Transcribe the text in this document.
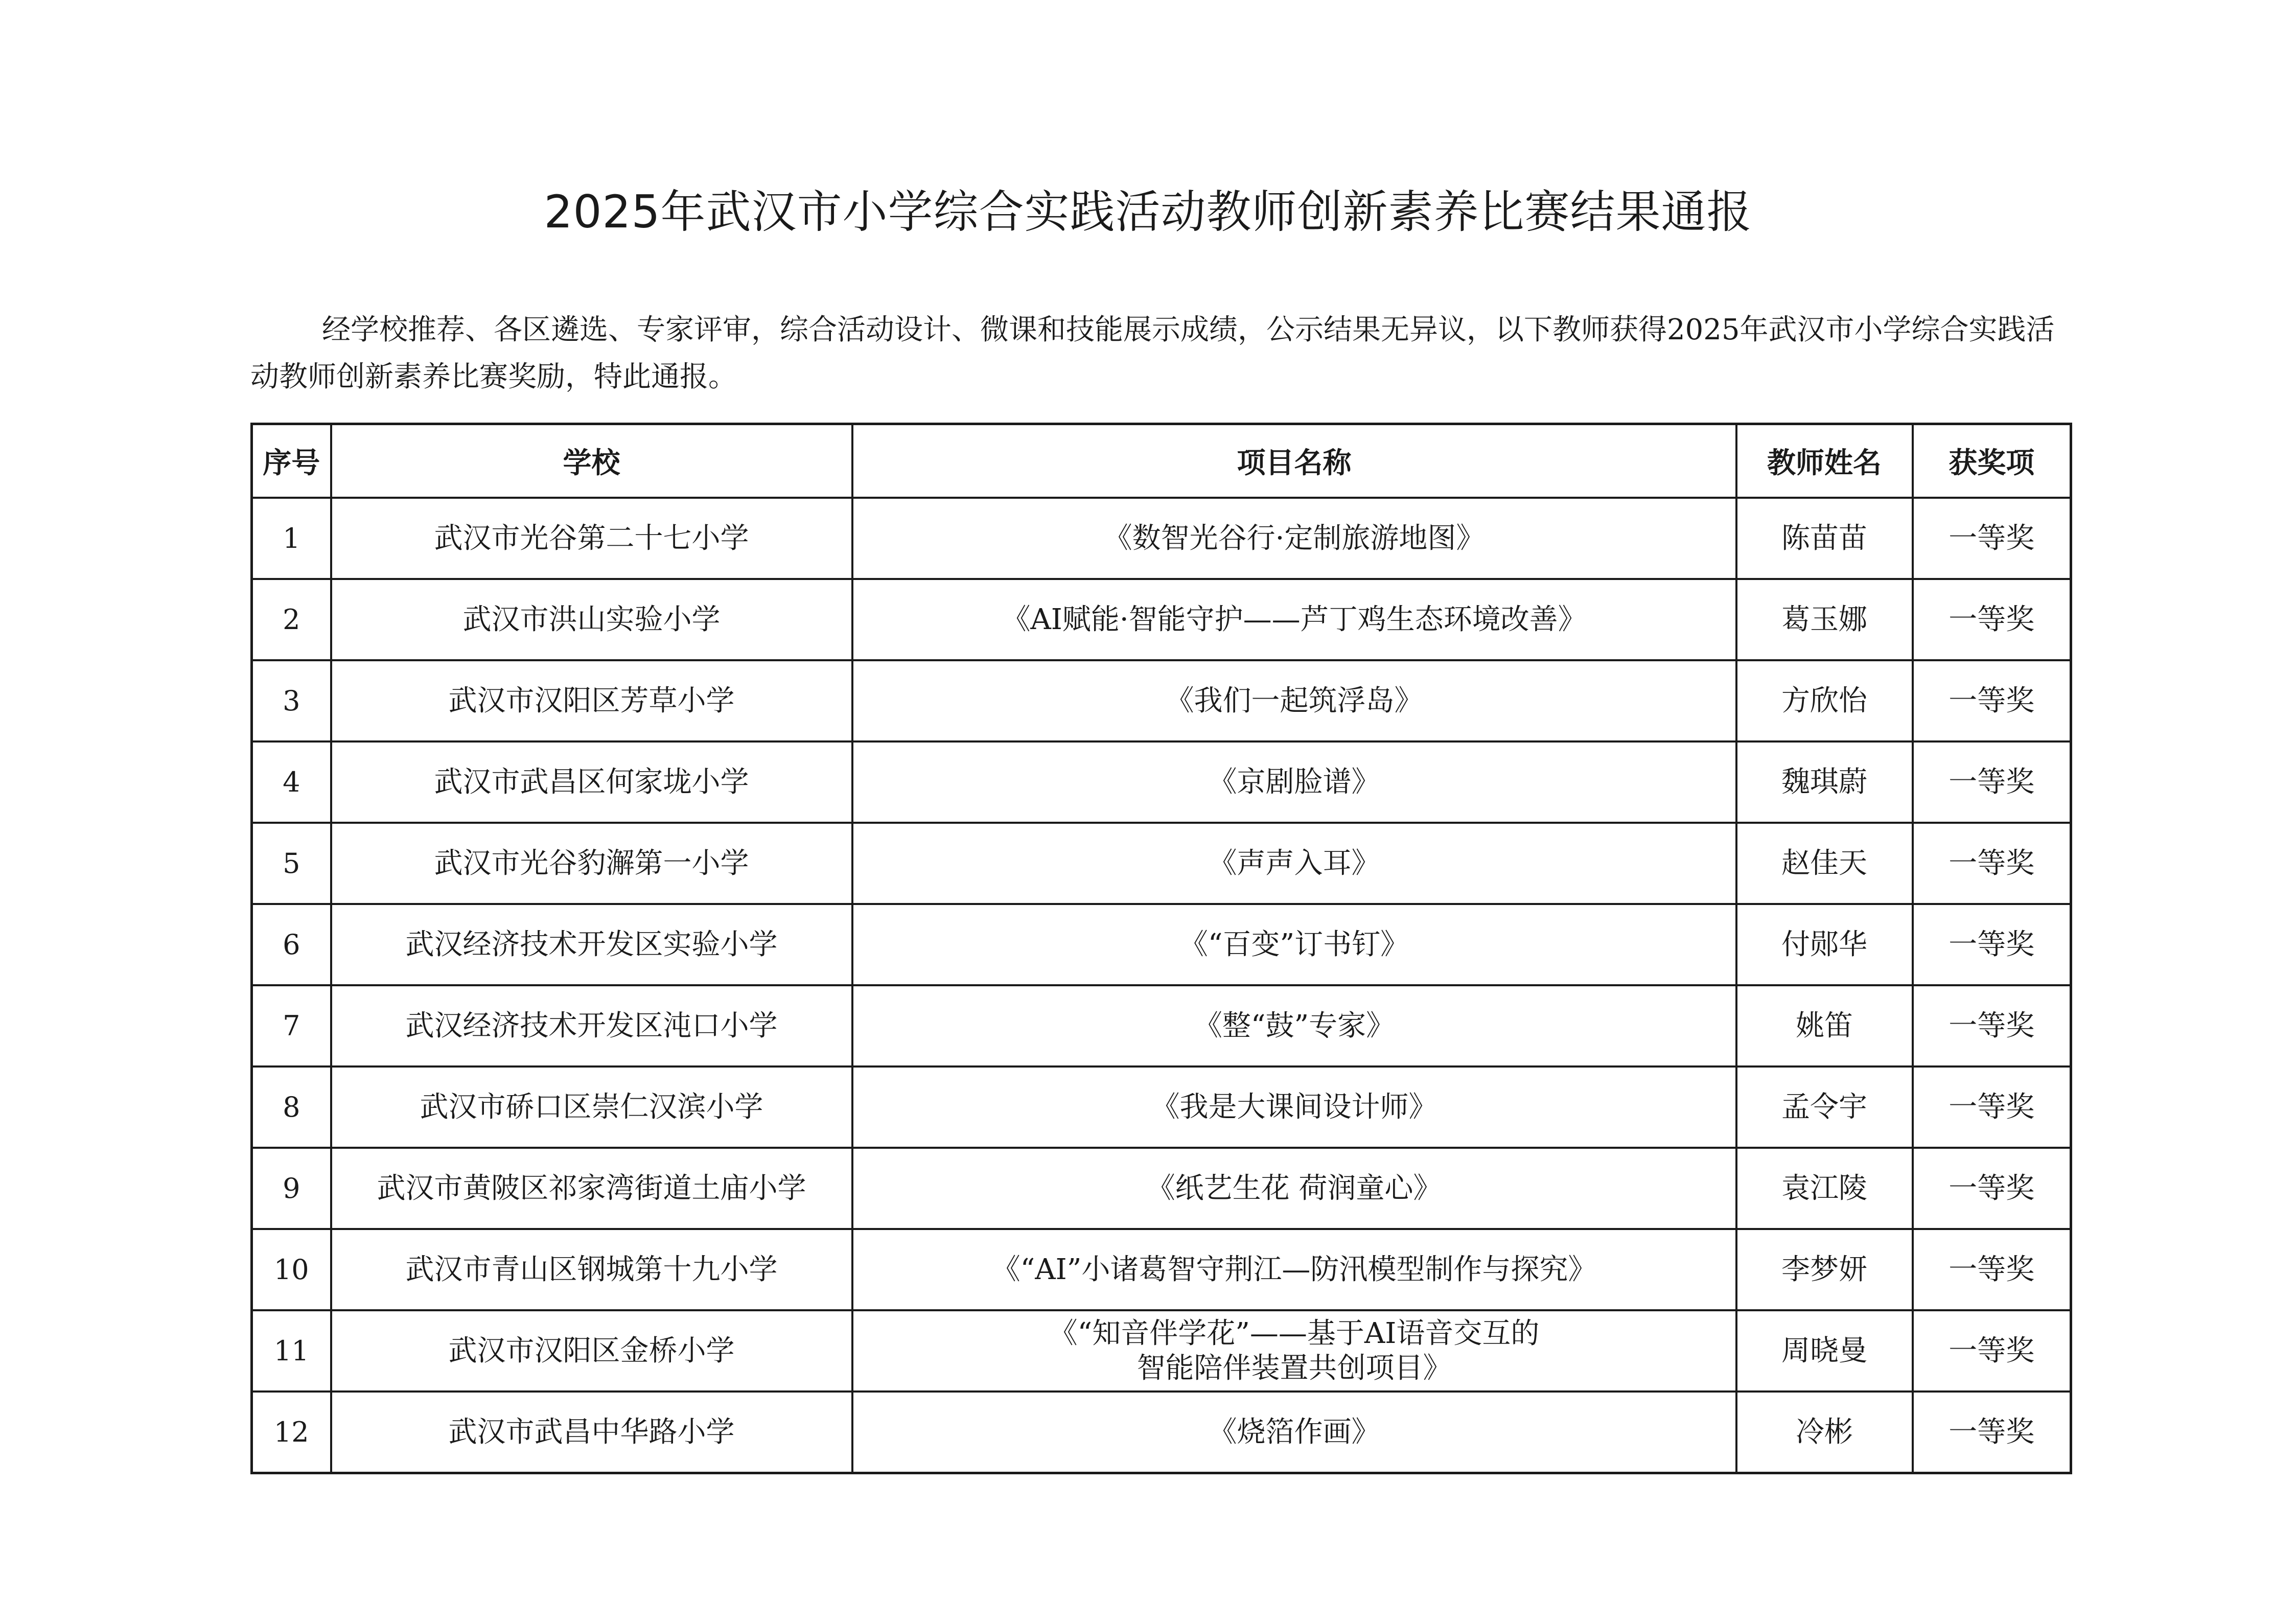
2025年武汉市小学综合实践活动教师创新素养比赛结果通报

经学校推荐、各区遴选、专家评审，综合活动设计、微课和技能展示成绩，公示结果无异议，以下教师获得2025年武汉市小学综合实践活动教师创新素养比赛奖励，特此通报。

序号	学校	项目名称	教师姓名	获奖项
1	武汉市光谷第二十七小学	《数智光谷行·定制旅游地图》	陈苗苗	一等奖
2	武汉市洪山实验小学	《AI赋能·智能守护——芦丁鸡生态环境改善》	葛玉娜	一等奖
3	武汉市汉阳区芳草小学	《我们一起筑浮岛》	方欣怡	一等奖
4	武汉市武昌区何家垅小学	《京剧脸谱》	魏琪蔚	一等奖
5	武汉市光谷豹澥第一小学	《声声入耳》	赵佳天	一等奖
6	武汉经济技术开发区实验小学	《“百变”订书钉》	付郧华	一等奖
7	武汉经济技术开发区沌口小学	《整“鼓”专家》	姚笛	一等奖
8	武汉市硚口区崇仁汉滨小学	《我是大课间设计师》	孟令宇	一等奖
9	武汉市黄陂区祁家湾街道土庙小学	《纸艺生花 荷润童心》	袁江陵	一等奖
10	武汉市青山区钢城第十九小学	《“AI”小诸葛智守荆江—防汛模型制作与探究》	李梦妍	一等奖
11	武汉市汉阳区金桥小学	《“知音伴学花”——基于AI语音交互的
智能陪伴装置共创项目》	周晓曼	一等奖
12	武汉市武昌中华路小学	《烧箔作画》	冷彬	一等奖
